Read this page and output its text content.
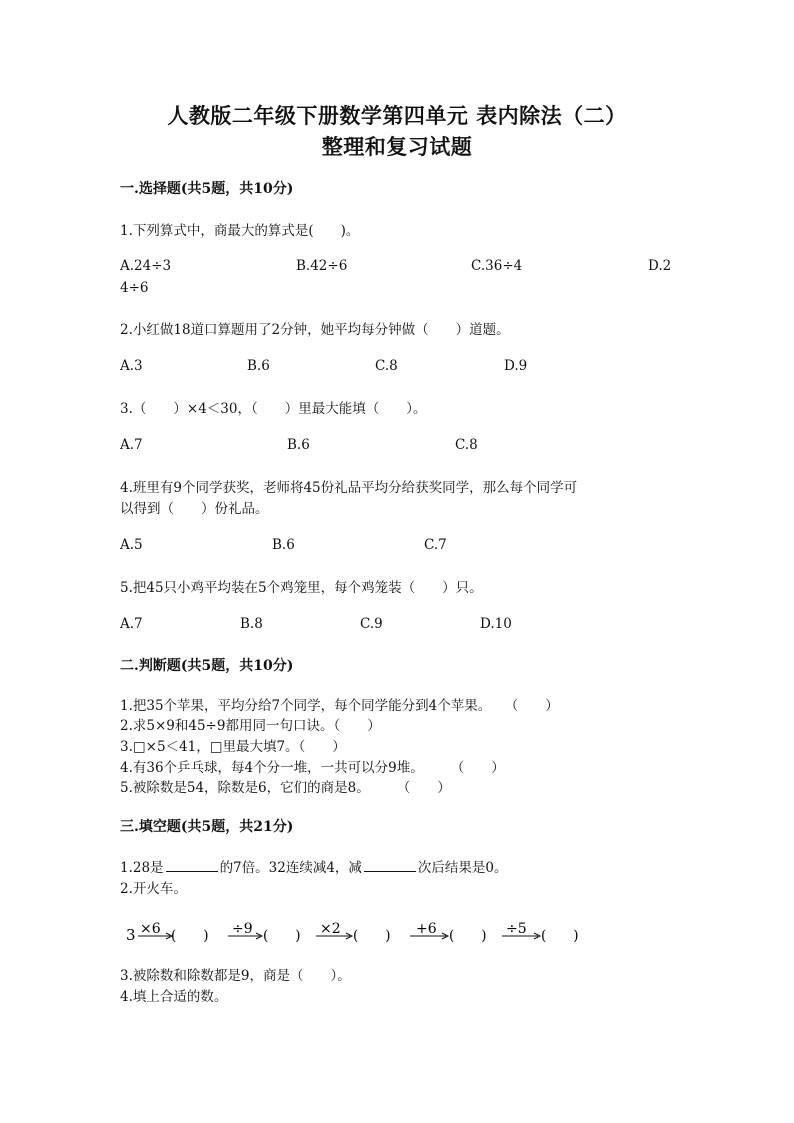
人教版二年级下册数学第四单元 表内除法（二）
整理和复习试题
一.选择题(共5题，共10分)
1.下列算式中，商最大的算式是(　　)。
A.24÷3	B.42÷6	C.36÷4	D.2
4÷6
2.小红做18道口算题用了2分钟，她平均每分钟做（　　）道题。
A.3	B.6	C.8	D.9
3.（　　）×4＜30，（　　）里最大能填（　　）。
A.7	B.6	C.8
4.班里有9个同学获奖，老师将45份礼品平均分给获奖同学，那么每个同学可
以得到（　　）份礼品。
A.5	B.6	C.7
5.把45只小鸡平均装在5个鸡笼里，每个鸡笼装（　　）只。
A.7	B.8	C.9	D.10
二.判断题(共5题，共10分)
1.把35个苹果，平均分给7个同学，每个同学能分到4个苹果。　　（　　）
2.求5×9和45÷9都用同一句口诀。（　　）
3.□×5＜41，□里最大填7。（　　）
4.有36个乒乓球，每4个分一堆，一共可以分9堆。　　　（　　）
5.被除数是54，除数是6，它们的商是8。　　　（　　）
三.填空题(共5题，共21分)
1.28是	的7倍。32连续减4，减	次后结果是0。
2.开火车。
3 ×6 (　　) ÷9 (　　) ×2 (　　) +6 (　　) ÷5 (　　)
3.被除数和除数都是9，商是（　　）。
4.填上合适的数。
